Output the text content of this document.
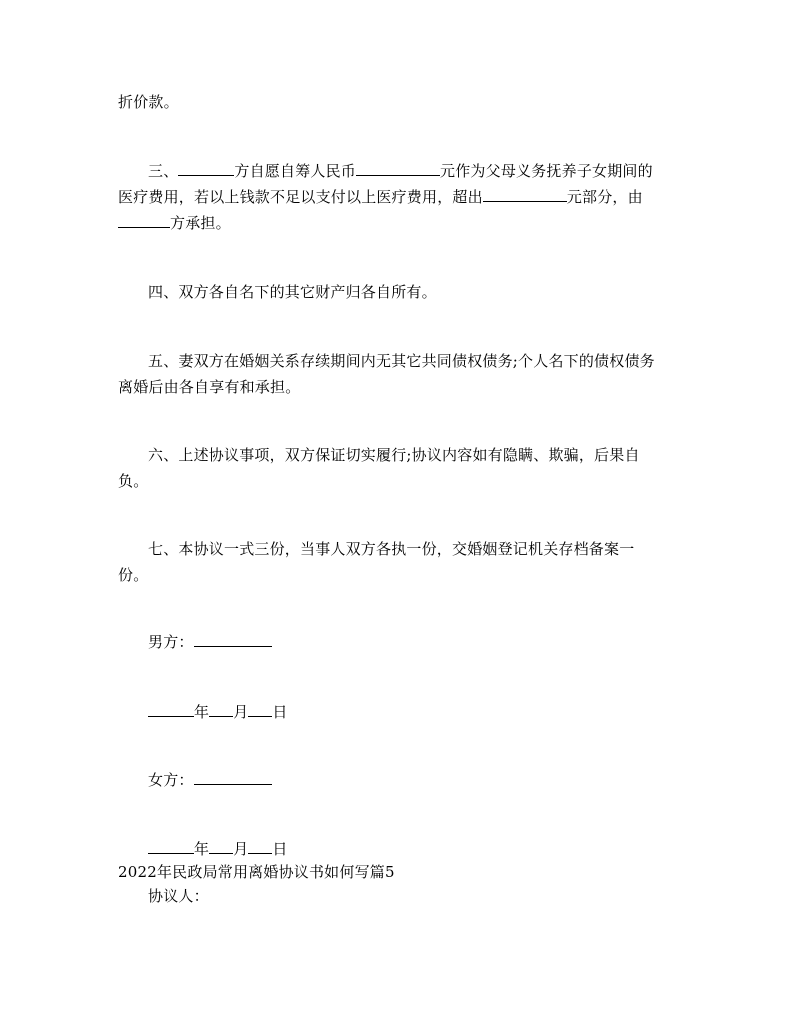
折价款。
三、	方自愿自筹人民币	元作为父母义务抚养子女期间的
医疗费用，若以上钱款不足以支付以上医疗费用，超出	元部分，由
方承担。
四、双方各自名下的其它财产归各自所有。
五、妻双方在婚姻关系存续期间内无其它共同债权债务;个人名下的债权债务
离婚后由各自享有和承担。
六、上述协议事项，双方保证切实履行;协议内容如有隐瞒、欺骗，后果自
负。
七、本协议一式三份，当事人双方各执一份，交婚姻登记机关存档备案一
份。
男方：
年 月 日
女方：
年 月 日
2022年民政局常用离婚协议书如何写篇5
协议人：
